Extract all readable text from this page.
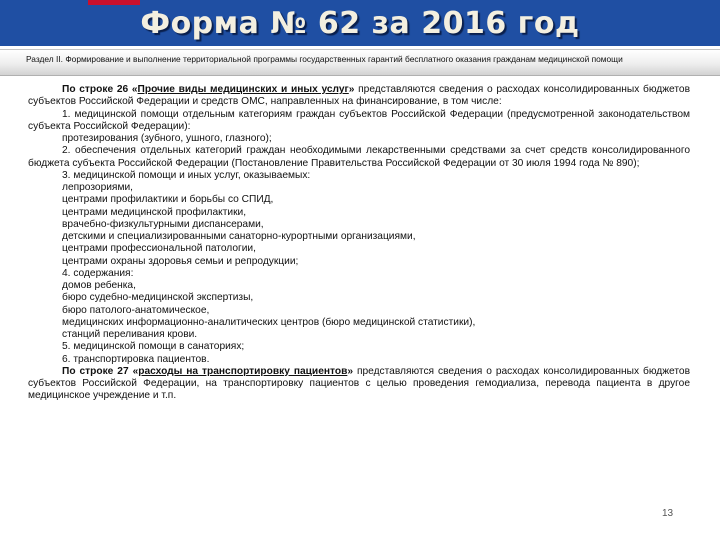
Форма № 62 за 2016 год
Раздел II. Формирование и выполнение территориальной программы государственных гарантий бесплатного оказания гражданам медицинской помощи

По строке 26 «Прочие виды медицинских и иных услуг» представляются сведения о расходах консолидированных бюджетов субъектов Российской Федерации и средств ОМС, направленных на финансирование, в том числе:

1. медицинской помощи отдельным категориям граждан субъектов Российской Федерации (предусмотренной законодательством субъекта Российской Федерации):

протезирования (зубного, ушного, глазного);

2. обеспечения отдельных категорий граждан необходимыми лекарственными средствами за счет средств консолидированного бюджета субъекта Российской Федерации (Постановление Правительства Российской Федерации от 30 июля 1994 года № 890);

3. медицинской помощи и иных услуг, оказываемых:

лепрозориями,

центрами профилактики и борьбы со СПИД,

центрами медицинской профилактики,

врачебно-физкультурными диспансерами,

детскими и специализированными санаторно-курортными организациями,

центрами профессиональной патологии,

центрами охраны здоровья семьи и репродукции;

4. содержания:

домов ребенка,

бюро судебно-медицинской экспертизы,

бюро патолого-анатомическое,

медицинских информационно-аналитических центров (бюро медицинской статистики),

станций переливания крови.

5. медицинской помощи в санаториях;

6. транспортировка пациентов.

По строке 27 «расходы на транспортировку пациентов» представляются сведения о расходах консолидированных бюджетов субъектов Российской Федерации, на транспортировку пациентов с целью проведения гемодиализа, перевода пациента в другое медицинское учреждение и т.п.

13
